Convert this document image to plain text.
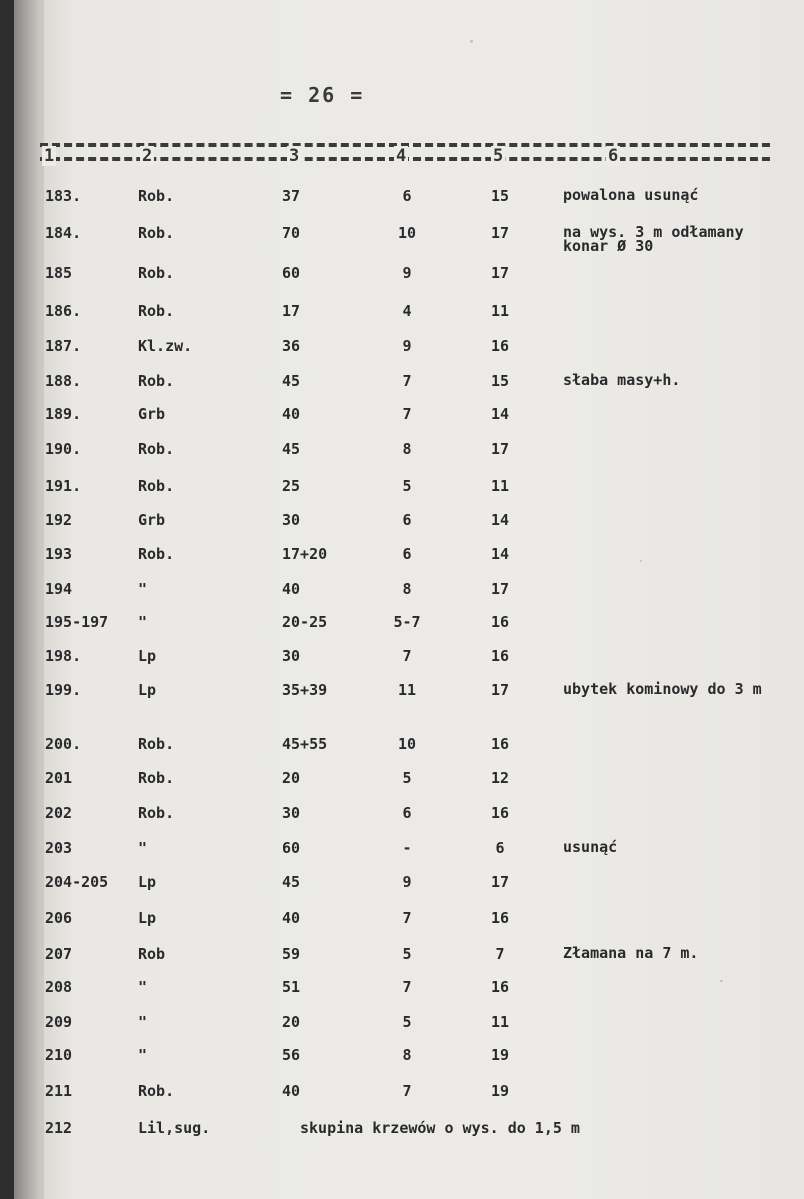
= 26 =
1	2	3	4	5	6
183.	Rob.	37	6	15	powalona usunąć
184.	Rob.	70	10	17	na wys. 3 m odłamany konar Ø 30
185	Rob.	60	9	17
186.	Rob.	17	4	11
187.	Kl.zw.	36	9	16
188.	Rob.	45	7	15	słaba masy+h.
189.	Grb	40	7	14
190.	Rob.	45	8	17
191.	Rob.	25	5	11
192	Grb	30	6	14
193	Rob.	17+20	6	14
194	"	40	8	17
195-197 "	20-25	5-7	16
198.	Lp	30	7	16
199.	Lp	35+39	11	17	ubytek kominowy do 3 m
200.	Rob.	45+55	10	16
201	Rob.	20	5	12
202	Rob.	30	6	16
203	"	60	-	6	usunąć
204-205 Lp	45	9	17
206	Lp	40	7	16
207	Rob	59	5	7	Złamana na 7 m.
208	"	51	7	16
209	"	20	5	11
210	"	56	8	19
211	Rob.	40	7	19
212	Lil,sug.	skupina krzewów o wys. do 1,5 m
